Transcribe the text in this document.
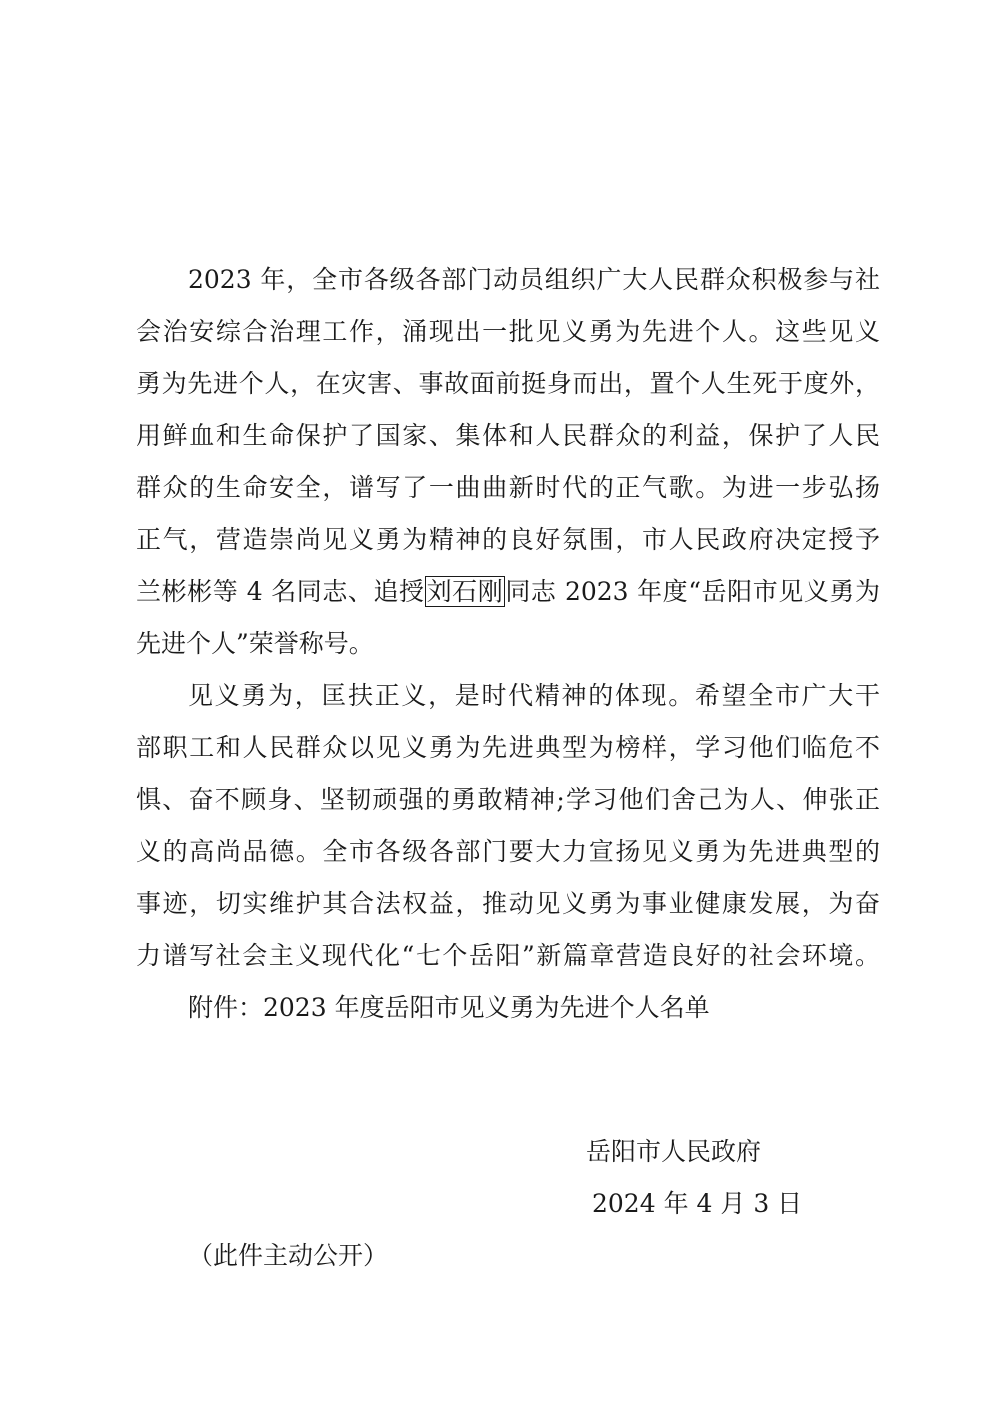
2023 年，全市各级各部门动员组织广大人民群众积极参与社
会治安综合治理工作，涌现出一批见义勇为先进个人。这些见义
勇为先进个人，在灾害、事故面前挺身而出，置个人生死于度外，
用鲜血和生命保护了国家、集体和人民群众的利益，保护了人民
群众的生命安全，谱写了一曲曲新时代的正气歌。为进一步弘扬
正气，营造崇尚见义勇为精神的良好氛围，市人民政府决定授予
兰彬彬等 4 名同志、追授刘石刚同志 2023 年度“岳阳市见义勇为
先进个人”荣誉称号。
见义勇为，匡扶正义，是时代精神的体现。希望全市广大干
部职工和人民群众以见义勇为先进典型为榜样，学习他们临危不
惧、奋不顾身、坚韧顽强的勇敢精神;学习他们舍己为人、伸张正
义的高尚品德。全市各级各部门要大力宣扬见义勇为先进典型的
事迹，切实维护其合法权益，推动见义勇为事业健康发展，为奋
力谱写社会主义现代化“七个岳阳”新篇章营造良好的社会环境。
附件：2023 年度岳阳市见义勇为先进个人名单
岳阳市人民政府
2024 年 4 月 3 日
（此件主动公开）
